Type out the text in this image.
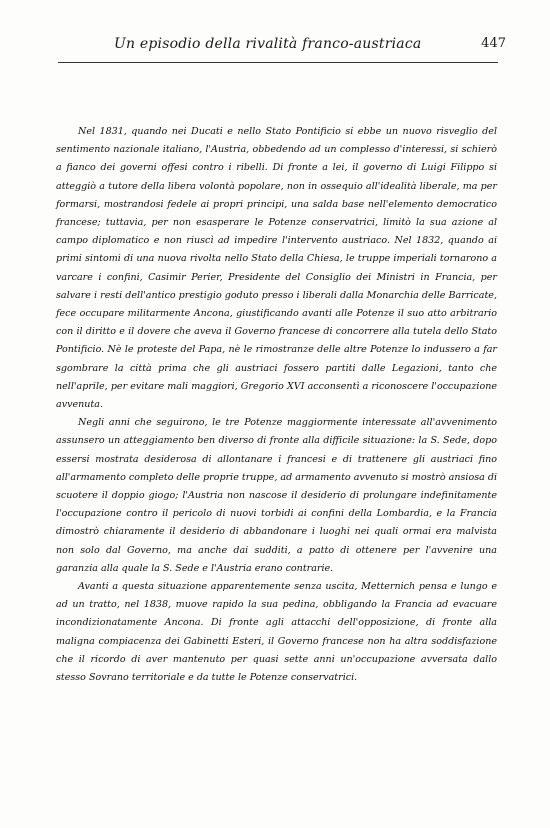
Un episodio della rivalità franco-austriaca	447

Nel 1831, quando nei Ducati e nello Stato Pontificio si ebbe un nuovo risveglio del sentimento nazionale italiano, l'Austria, obbedendo ad un complesso d'interessi, si schierò a fianco dei governi offesi contro i ribelli. Di fronte a lei, il governo di Luigi Filippo si atteggiò a tutore della libera volontà popolare, non in ossequio all'idealità liberale, ma per formarsi, mostrandosi fedele ai propri principi, una salda base nell'elemento democratico francese; tuttavia, per non esasperare le Potenze conservatrici, limitò la sua azione al campo diplomatico e non riuscì ad impedire l'intervento austriaco. Nel 1832, quando ai primi sintomi di una nuova rivolta nello Stato della Chiesa, le truppe imperiali tornarono a varcare i confini, Casimir Perier, Presidente del Consiglio dei Ministri in Francia, per salvare i resti dell'antico prestigio goduto presso i liberali dalla Monarchia delle Barricate, fece occupare militarmente Ancona, giustificando avanti alle Potenze il suo atto arbitrario con il diritto e il dovere che aveva il Governo francese di concorrere alla tutela dello Stato Pontificio. Nè le proteste del Papa, nè le rimostranze delle altre Potenze lo indussero a far sgombrare la città prima che gli austriaci fossero partiti dalle Legazioni, tanto che nell'aprile, per evitare mali maggiori, Gregorio XVI acconsentì a riconoscere l'occupazione avvenuta.

Negli anni che seguirono, le tre Potenze maggiormente interessate all'avvenimento assunsero un atteggiamento ben diverso di fronte alla difficile situazione: la S. Sede, dopo essersi mostrata desiderosa di allontanare i francesi e di trattenere gli austriaci fino all'armamento completo delle proprie truppe, ad armamento avvenuto si mostrò ansiosa di scuotere il doppio giogo; l'Austria non nascose il desiderio di prolungare indefinitamente l'occupazione contro il pericolo di nuovi torbidi ai confini della Lombardia, e la Francia dimostrò chiaramente il desiderio di abbandonare i luoghi nei quali ormai era malvista non solo dal Governo, ma anche dai sudditi, a patto di ottenere per l'avvenire una garanzia alla quale la S. Sede e l'Austria erano contrarie.

Avanti a questa situazione apparentemente senza uscita, Metternich pensa e lungo e ad un tratto, nel 1838, muove rapido la sua pedina, obbligando la Francia ad evacuare incondizionatamente Ancona. Di fronte agli attacchi dell'opposizione, di fronte alla maligna compiacenza dei Gabinetti Esteri, il Governo francese non ha altra soddisfazione che il ricordo di aver mantenuto per quasi sette anni un'occupazione avversata dallo stesso Sovrano territoriale e da tutte le Potenze conservatrici.
